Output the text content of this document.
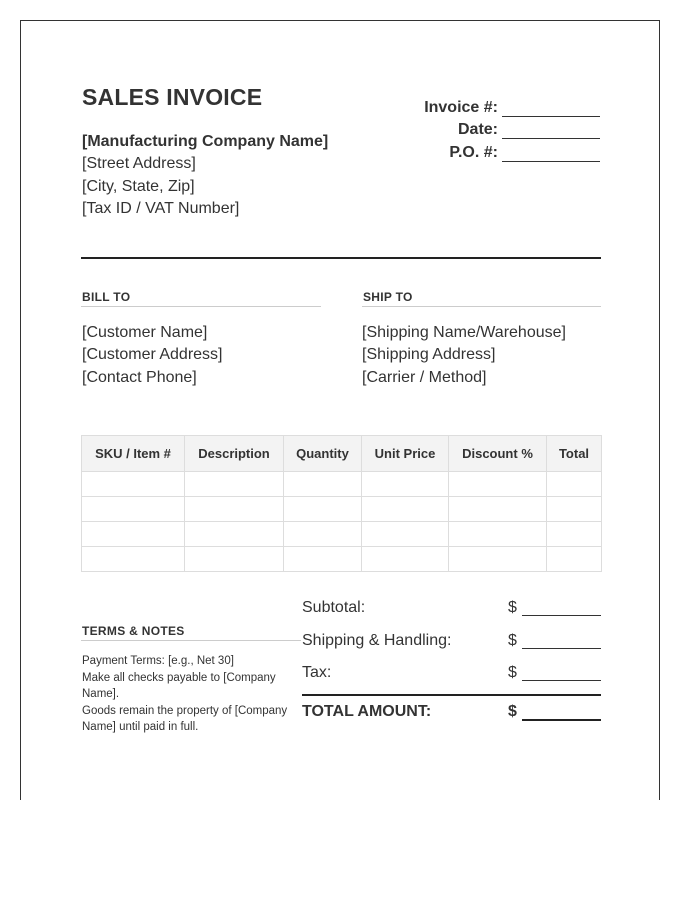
SALES INVOICE
[Manufacturing Company Name]
[Street Address]
[City, State, Zip]
[Tax ID / VAT Number]
Invoice #:
Date:
P.O. #:
BILL TO
[Customer Name]
[Customer Address]
[Contact Phone]
SHIP TO
[Shipping Name/Warehouse]
[Shipping Address]
[Carrier / Method]
SKU / Item #	Description	Quantity	Unit Price	Discount %	Total

TERMS & NOTES
Payment Terms: [e.g., Net 30]
Make all checks payable to [Company Name].
Goods remain the property of [Company Name] until paid in full.
Subtotal:	$
Shipping & Handling:	$
Tax:	$
TOTAL AMOUNT:	$
